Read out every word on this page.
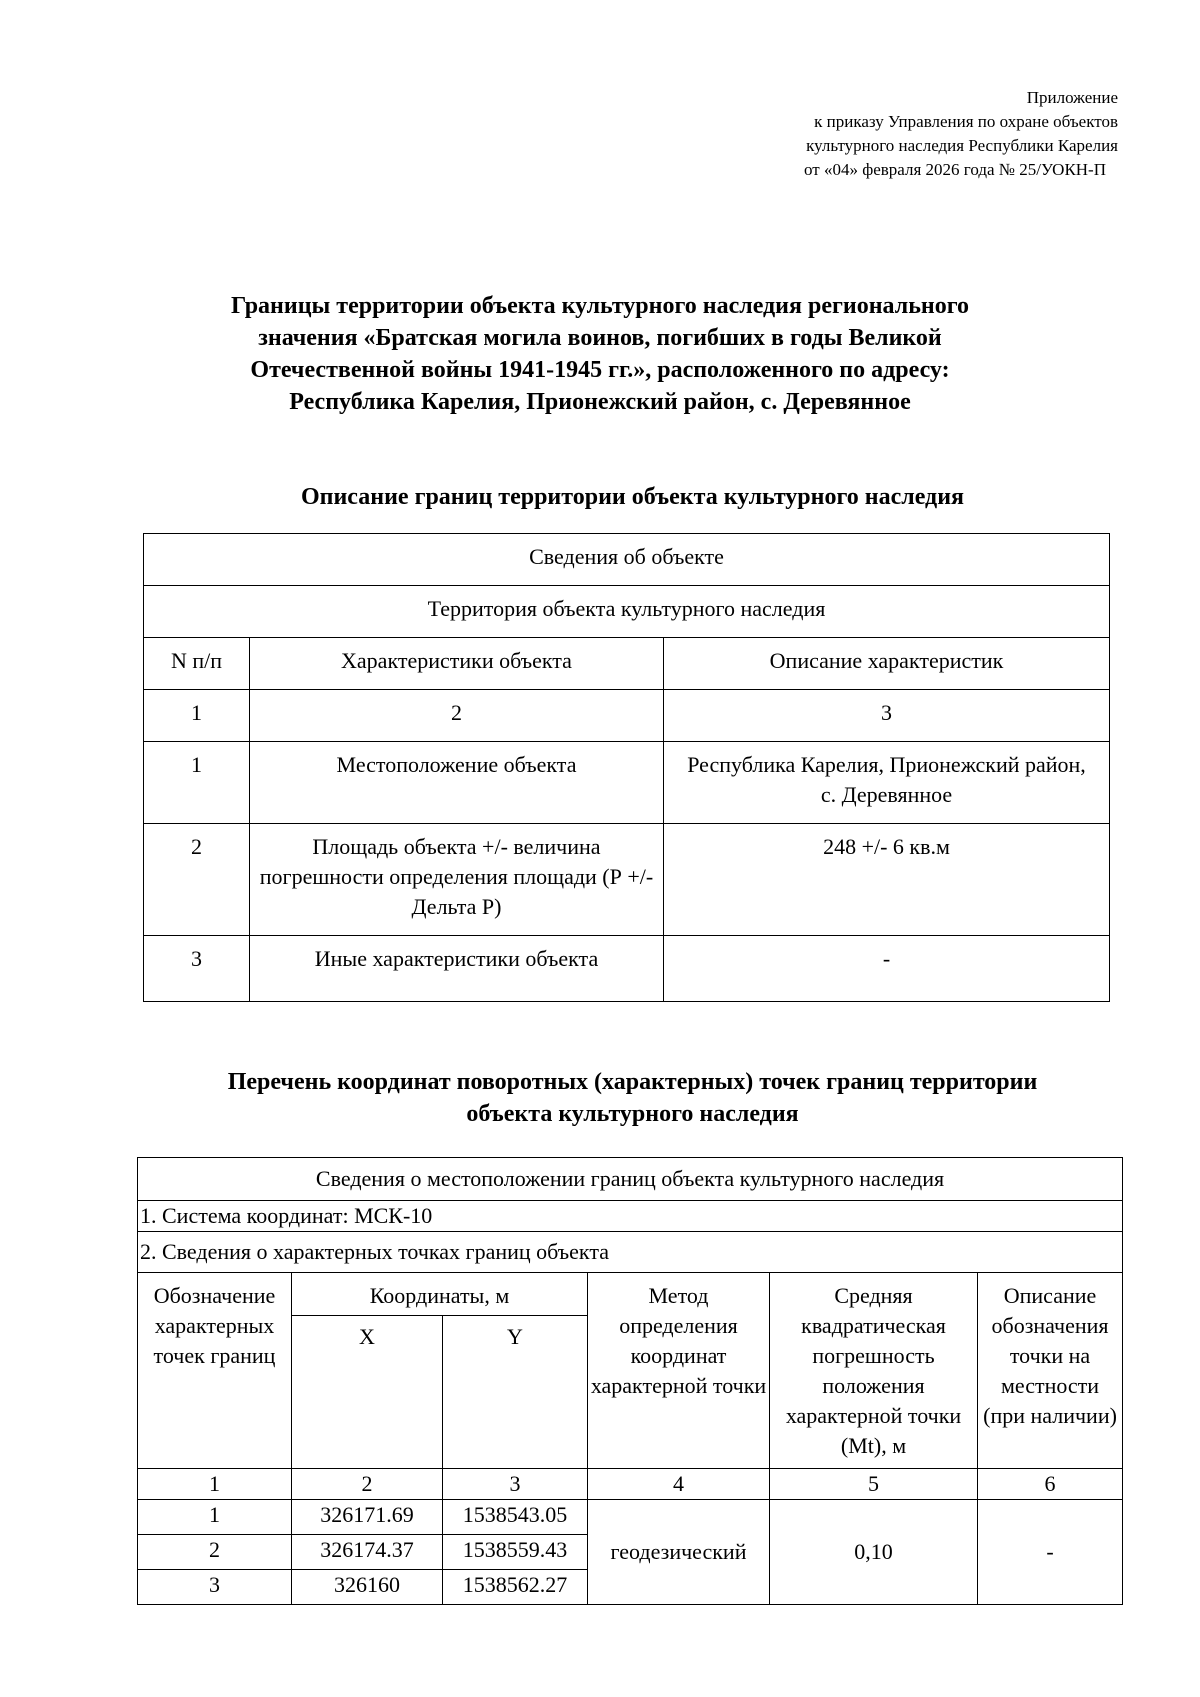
Приложение
к приказу Управления по охране объектов
культурного наследия Республики Карелия
от «04» февраля 2026 года № 25/УОКН-П
Границы территории объекта культурного наследия регионального
значения «Братская могила воинов, погибших в годы Великой
Отечественной войны 1941-1945 гг.», расположенного по адресу:
Республика Карелия, Прионежский район, с. Деревянное
Описание границ территории объекта культурного наследия
Сведения об объекте		
Территория объекта культурного наследия		
N п/п	Характеристики объекта	Описание характеристик
1	2	3
1	Местоположение объекта	Республика Карелия, Прионежский район, с. Деревянное
2	Площадь объекта +/- величина погрешности определения площади (Р +/- Дельта Р)	248 +/- 6 кв.м
3	Иные характеристики объекта	-
Перечень координат поворотных (характерных) точек границ территории
объекта культурного наследия
Сведения о местоположении границ объекта культурного наследия					
1. Система координат: МСК-10					
2. Сведения о характерных точках границ объекта					
Обозначение характерных точек границ	Координаты, м		Метод определения координат характерной точки	Средняя квадратическая погрешность положения характерной точки (Mt), м	Описание обозначения точки на местности (при наличии)
	X	Y			
1	2	3	4	5	6
1	326171.69	1538543.05	геодезический	0,10	-
2	326174.37	1538559.43			
3	326160	1538562.27			
